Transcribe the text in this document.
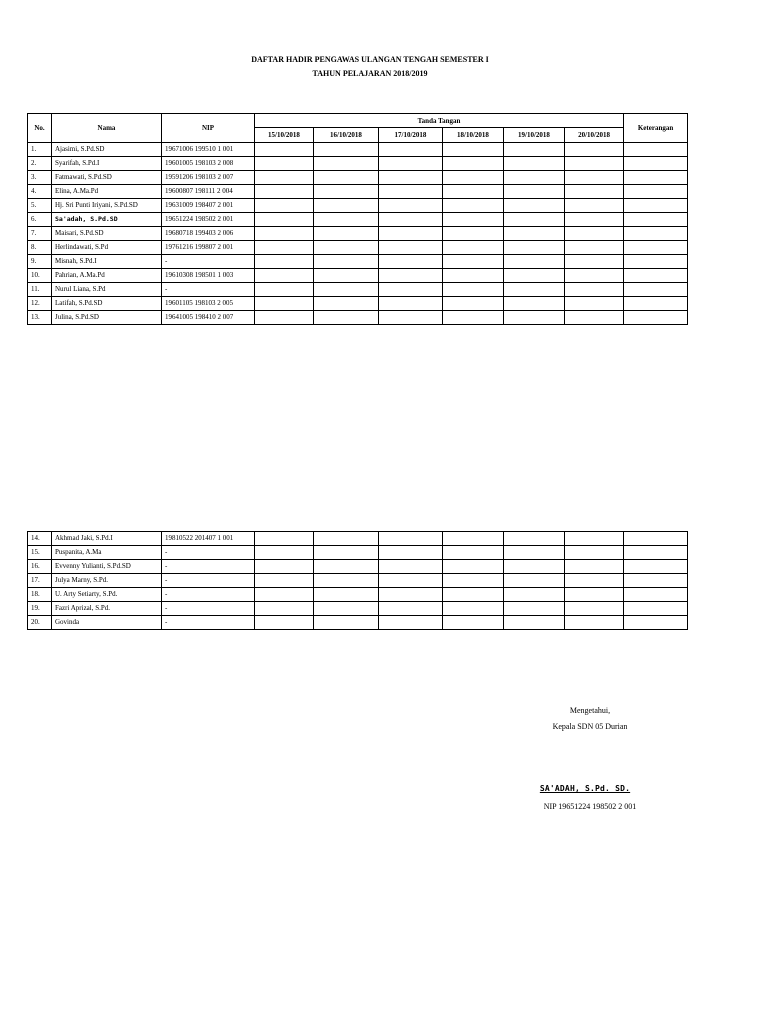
DAFTAR HADIR PENGAWAS ULANGAN TENGAH SEMESTER I
TAHUN PELAJARAN 2018/2019
No.	Nama	NIP	Tanda Tangan						Keterangan
			15/10/2018	16/10/2018	17/10/2018	18/10/2018	19/10/2018	20/10/2018	
1.	Ajasimi, S.Pd.SD	19671006 199510 1 001							
2.	Syarifah, S.Pd.I	19601005 198103 2 008							
3.	Fatmawati, S.Pd.SD	19591206 198103 2 007							
4.	Elina, A.Ma.Pd	19600807 198111 2 004							
5.	Hj. Sri Punti Iriyani, S.Pd.SD	19631009 198407 2 001							
6.	Sa'adah, S.Pd.SD	19651224 198502 2 001							
7.	Maisari, S.Pd.SD	19680718 199403 2 006							
8.	Herlindawati, S.Pd	19761216 199807 2 001							
9.	Misnah, S.Pd.I	-							
10.	Pahrian, A.Ma.Pd	19610308 198501 1 003							
11.	Nurul Liana, S.Pd	-							
12.	Latifah, S.Pd.SD	19601105 198103 2 005							
13.	Julina, S.Pd.SD	19641005 198410 2 007							
14.	Akhmad Jaki, S.Pd.I	19810522 201407 1 001							
15.	Puspanita, A.Ma	-							
16.	Evvenny Yulianti, S.Pd.SD	-							
17.	Julya Marny, S.Pd.	-							
18.	U. Arty Setiarty, S.Pd.	-							
19.	Fazri Aprizal, S.Pd.	-							
20.	Govinda	-							
Mengetahui,
Kepala SDN 05 Durian
SA'ADAH, S.Pd. SD.
NIP 19651224 198502 2 001
